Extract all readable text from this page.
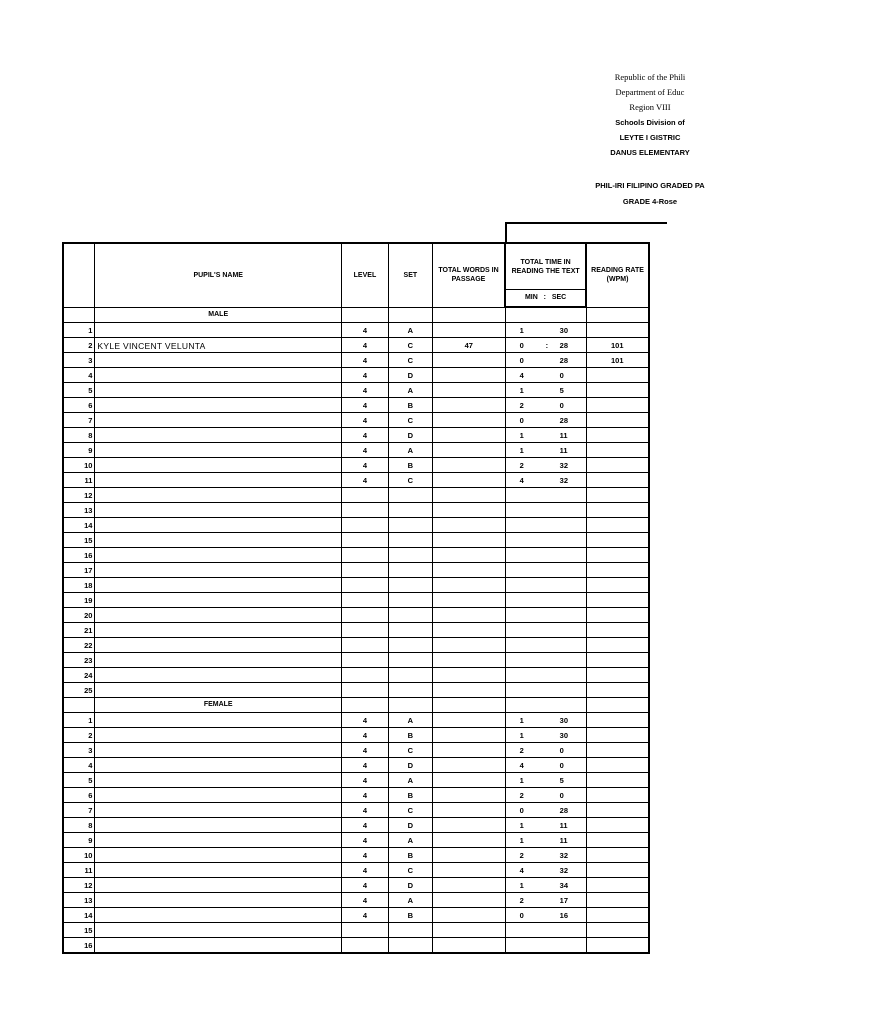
Republic of the Phili
Department of Educ
Region VIII
Schools Division of
LEYTE I GISTRIC
DANUS ELEMENTARY
PHIL-IRI FILIPINO GRADED PA
GRADE 4-Rose
	PUPIL'S NAME	LEVEL	SET	TOTAL WORDS IN PASSAGE	TOTAL TIME IN READING THE TEXT	READING RATE (WPM)
					MIN : SEC	
	MALE					
1		4	A		1 30	

2	KYLE VINCENT VELUNTA	4	C	47	0 : 28	101
3		4	C		0 28	101
4		4	D		4 0	

5		4	A		1 5	

6		4	B		2 0	

7		4	C		0 28	

8		4	D		1 11	

9		4	A		1 11	

10		4	B		2 32	

11		4	C		4 32	

12					

13					

14					

15					

16					

17					

18					

19					

20					

21					

22					

23					

24					

25					

	FEMALE					
1		4	A		1 30	

2		4	B		1 30	

3		4	C		2 0	

4		4	D		4 0	

5		4	A		1 5	

6		4	B		2 0	

7		4	C		0 28	

8		4	D		1 11	

9		4	A		1 11	

10		4	B		2 32	

11		4	C		4 32	

12		4	D		1 34	

13		4	A		2 17	

14		4	B		0 16	

15					

16					
